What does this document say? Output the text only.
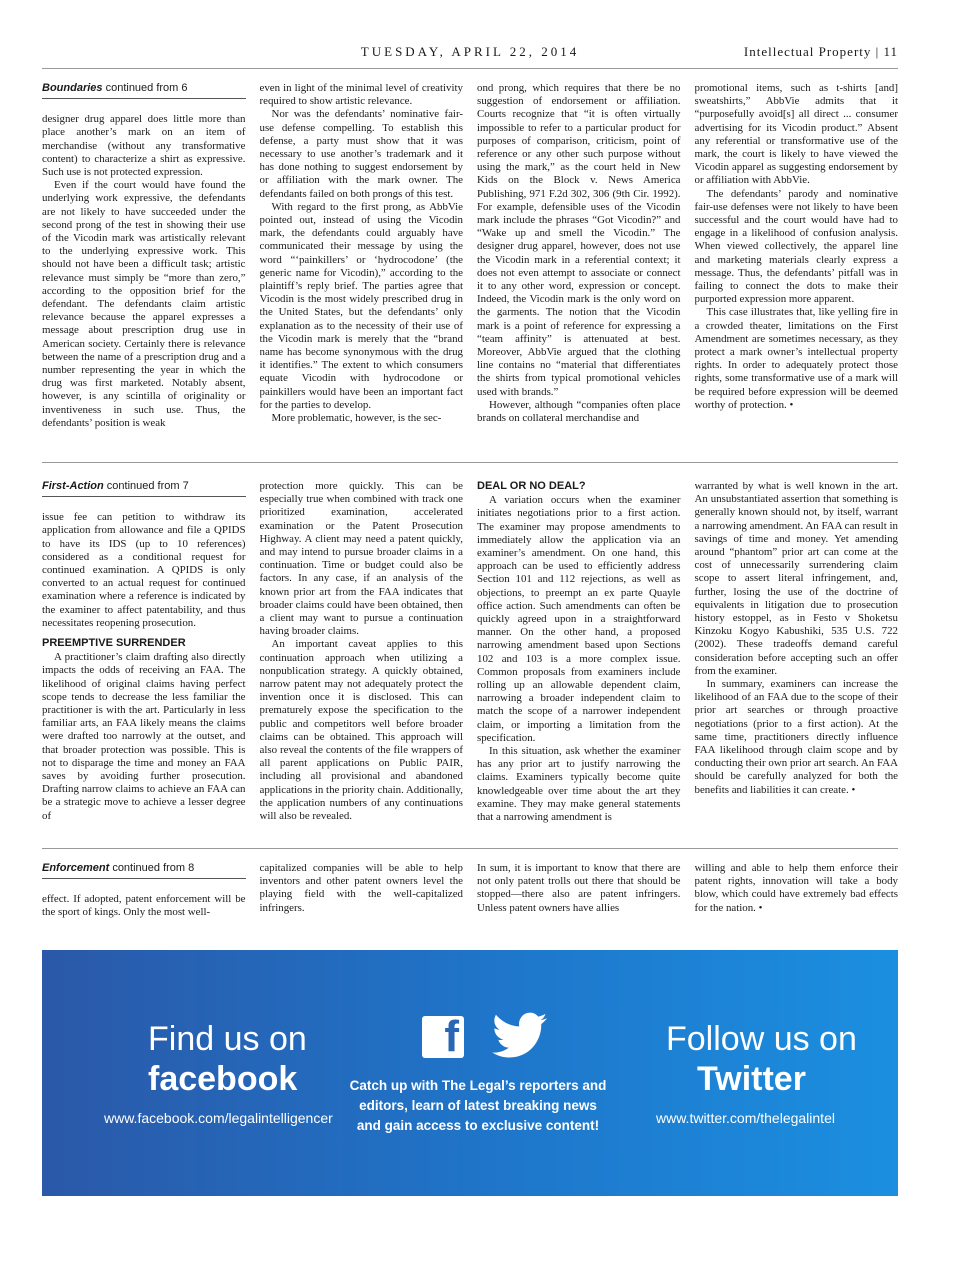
TUESDAY, APRIL 22, 2014	Intellectual Property | 11
Boundaries continued from 6

designer drug apparel does little more than place another’s mark on an item of merchandise (without any transformative content) to characterize a shirt as expressive. Such use is not protected expression.

Even if the court would have found the underlying work expressive, the defendants are not likely to have succeeded under the second prong of the test in showing their use of the Vicodin mark was artistically relevant to the underlying expressive work. This should not have been a difficult task; artistic relevance must simply be “more than zero,” according to the opposition brief for the defendant. The defendants claim artistic relevance because the apparel expresses a message about prescription drug use in American society. Certainly there is relevance between the name of a prescription drug and a number representing the year in which the drug was first marketed. Notably absent, however, is any scintilla of originality or inventiveness in such use. Thus, the defendants’ position is weak

even in light of the minimal level of creativity required to show artistic relevance.

Nor was the defendants’ nominative fair-use defense compelling. To establish this defense, a party must show that it was necessary to use another’s trademark and it has done nothing to suggest endorsement by or affiliation with the mark owner. The defendants failed on both prongs of this test.

With regard to the first prong, as AbbVie pointed out, instead of using the Vicodin mark, the defendants could arguably have communicated their message by using the word “‘painkillers’ or ‘hydrocodone’ (the generic name for Vicodin),” according to the plaintiff’s reply brief. The parties agree that Vicodin is the most widely prescribed drug in the United States, but the defendants’ only explanation as to the necessity of their use of the Vicodin mark is merely that the “brand name has become synonymous with the drug it identifies.” The extent to which consumers equate Vicodin with hydrocodone or painkillers would have been an important fact for the parties to develop.

More problematic, however, is the sec-

ond prong, which requires that there be no suggestion of endorsement or affiliation. Courts recognize that “it is often virtually impossible to refer to a particular product for purposes of comparison, criticism, point of reference or any other such purpose without using the mark,” as the court held in New Kids on the Block v. News America Publishing, 971 F.2d 302, 306 (9th Cir. 1992). For example, defensible uses of the Vicodin mark include the phrases “Got Vicodin?” and “Wake up and smell the Vicodin.” The designer drug apparel, however, does not use the Vicodin mark in a referential context; it does not even attempt to associate or connect it to any other word, expression or concept. Indeed, the Vicodin mark is the only word on the garments. The notion that the Vicodin mark is a point of reference for expressing a “team affinity” is attenuated at best. Moreover, AbbVie argued that the clothing line contains no “material that differentiates the shirts from typical promotional vehicles used with brands.”

However, although “companies often place brands on collateral merchandise and

promotional items, such as t-shirts [and] sweatshirts,” AbbVie admits that it “purposefully avoid[s] all direct ... consumer advertising for its Vicodin product.” Absent any referential or transformative use of the mark, the court is likely to have viewed the Vicodin apparel as suggesting endorsement by or affiliation with AbbVie.

The defendants’ parody and nominative fair-use defenses were not likely to have been successful and the court would have had to engage in a likelihood of confusion analysis. When viewed collectively, the apparel line and marketing materials clearly express a message. Thus, the defendants’ pitfall was in failing to connect the dots to make their purported expression more apparent.

This case illustrates that, like yelling fire in a crowded theater, limitations on the First Amendment are sometimes necessary, as they protect a mark owner’s intellectual property rights. In order to adequately protect those rights, some transformative use of a mark will be required before expression will be deemed worthy of protection. •

First-Action continued from 7

issue fee can petition to withdraw its application from allowance and file a QPIDS to have its IDS (up to 10 references) considered as a conditional request for continued examination. A QPIDS is only converted to an actual request for continued examination where a reference is indicated by the examiner to affect patentability, and thus necessitates reopening prosecution.

PREEMPTIVE SURRENDER

A practitioner’s claim drafting also directly impacts the odds of receiving an FAA. The likelihood of original claims having perfect scope tends to decrease the less familiar the practitioner is with the art. Particularly in less familiar arts, an FAA likely means the claims were drafted too narrowly at the outset, and that broader protection was possible. This is not to disparage the time and money an FAA saves by avoiding further prosecution. Drafting narrow claims to achieve an FAA can be a strategic move to achieve a lesser degree of

protection more quickly. This can be especially true when combined with track one prioritized examination, accelerated examination or the Patent Prosecution Highway. A client may need a patent quickly, and may intend to pursue broader claims in a continuation. Time or budget could also be factors. In any case, if an analysis of the known prior art from the FAA indicates that broader claims could have been obtained, then a client may want to pursue a continuation having broader claims.

An important caveat applies to this continuation approach when utilizing a nonpublication strategy. A quickly obtained, narrow patent may not adequately protect the invention once it is disclosed. This can prematurely expose the specification to the public and competitors well before broader claims can be obtained. This approach will also reveal the contents of the file wrappers of all parent applications on Public PAIR, including all provisional and abandoned applications in the priority chain. Additionally, the application numbers of any continuations will also be revealed.

DEAL OR NO DEAL?

A variation occurs when the examiner initiates negotiations prior to a first action. The examiner may propose amendments to immediately allow the application via an examiner’s amendment. On one hand, this approach can be used to efficiently address Section 101 and 112 rejections, as well as objections, to preempt an ex parte Quayle office action. Such amendments can often be quickly agreed upon in a straightforward manner. On the other hand, a proposed narrowing amendment based upon Sections 102 and 103 is a more complex issue. Common proposals from examiners include rolling up an allowable dependent claim, narrowing a broader independent claim to match the scope of a narrower independent claim, or importing a limitation from the specification.

In this situation, ask whether the examiner has any prior art to justify narrowing the claims. Examiners typically become quite knowledgeable over time about the art they examine. They may make general statements that a narrowing amendment is

warranted by what is well known in the art. An unsubstantiated assertion that something is generally known should not, by itself, warrant a narrowing amendment. An FAA can result in savings of time and money. Yet amending around “phantom” prior art can come at the cost of unnecessarily surrendering claim scope to assert literal infringement, and, further, losing the use of the doctrine of equivalents in litigation due to prosecution history estoppel, as in Festo v Shoketsu Kinzoku Kogyo Kabushiki, 535 U.S. 722 (2002). These tradeoffs demand careful consideration before accepting such an offer from the examiner.

In summary, examiners can increase the likelihood of an FAA due to the scope of their prior art searches or through proactive negotiations (prior to a first action). At the same time, practitioners directly influence FAA likelihood through claim scope and by conducting their own prior art search. An FAA should be carefully analyzed for both the benefits and liabilities it can create. •

Enforcement continued from 8

effect. If adopted, patent enforcement will be the sport of kings. Only the most well-

capitalized companies will be able to help inventors and other patent owners level the playing field with the well-capitalized infringers.

In sum, it is important to know that there are not only patent trolls out there that should be stopped—there also are patent infringers. Unless patent owners have allies

willing and able to help them enforce their patent rights, innovation will take a body blow, which could have extremely bad effects for the nation. •

Find us on
facebook
www.facebook.com/legalintelligencer
f
Catch up with The Legal’s reporters and editors, learn of latest breaking news and gain access to exclusive content!
Follow us on
Twitter
www.twitter.com/thelegalintel
